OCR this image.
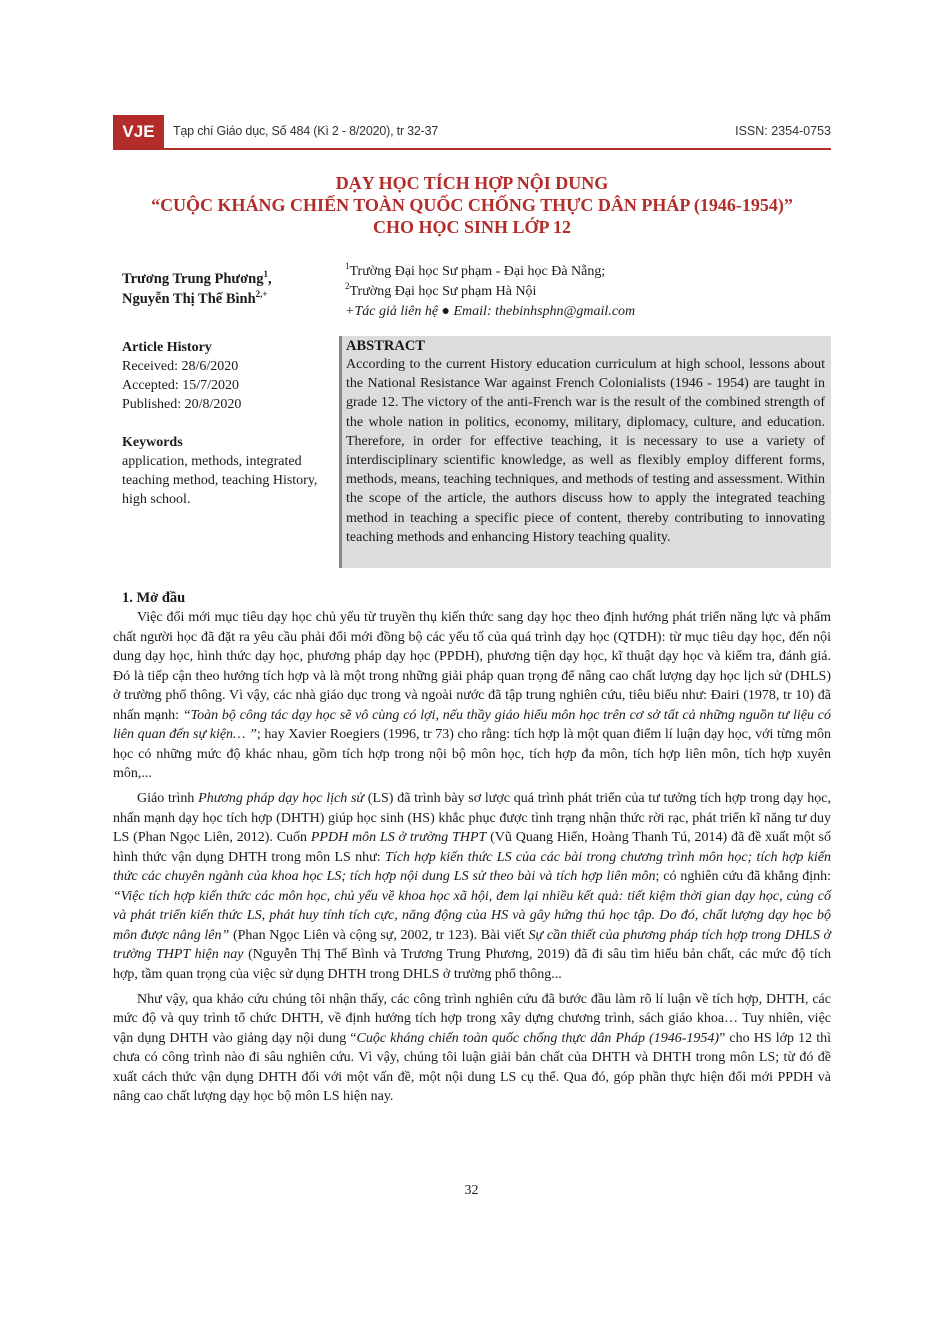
VJE	Tạp chí Giáo dục, Số 484 (Kì 2 - 8/2020), tr 32-37	ISSN: 2354-0753
DẠY HỌC TÍCH HỢP NỘI DUNG
“CUỘC KHÁNG CHIẾN TOÀN QUỐC CHỐNG THỰC DÂN PHÁP (1946-1954)”
CHO HỌC SINH LỚP 12
Trương Trung Phương$^1$,
Nguyễn Thị Thế Bình$^{2,+}$
$^1$Trường Đại học Sư phạm - Đại học Đà Nẵng;
$^2$Trường Đại học Sư phạm Hà Nội
+Tác giả liên hệ ● Email: thebinhsphn@gmail.com
Article History
Received: 28/6/2020
Accepted: 15/7/2020
Published: 20/8/2020
Keywords
application, methods, integrated teaching method, teaching History, high school.
ABSTRACT
According to the current History education curriculum at high school, lessons about the National Resistance War against French Colonialists (1946 - 1954) are taught in grade 12. The victory of the anti-French war is the result of the combined strength of the whole nation in politics, economy, military, diplomacy, culture, and education. Therefore, in order for effective teaching, it is necessary to use a variety of interdisciplinary scientific knowledge, as well as flexibly employ different forms, methods, means, teaching techniques, and methods of testing and assessment. Within the scope of the article, the authors discuss how to apply the integrated teaching method in teaching a specific piece of content, thereby contributing to innovating teaching methods and enhancing History teaching quality.
1. Mở đầu

Việc đổi mới mục tiêu dạy học chủ yếu từ truyền thụ kiến thức sang dạy học theo định hướng phát triển năng lực và phẩm chất người học đã đặt ra yêu cầu phải đổi mới đồng bộ các yếu tố của quá trình dạy học (QTDH): từ mục tiêu dạy học, đến nội dung dạy học, hình thức dạy học, phương pháp dạy học (PPDH), phương tiện dạy học, kĩ thuật dạy học và kiểm tra, đánh giá. Đó là tiếp cận theo hướng tích hợp và là một trong những giải pháp quan trọng để nâng cao chất lượng dạy học lịch sử (DHLS) ở trường phổ thông. Vì vậy, các nhà giáo dục trong và ngoài nước đã tập trung nghiên cứu, tiêu biểu như: Đairi (1978, tr 10) đã nhấn mạnh: “Toàn bộ công tác dạy học sẽ vô cùng có lợi, nếu thầy giáo hiểu môn học trên cơ sở tất cả những nguồn tư liệu có liên quan đến sự kiện… ”; hay Xavier Roegiers (1996, tr 73) cho rằng: tích hợp là một quan điểm lí luận dạy học, với từng môn học có những mức độ khác nhau, gồm tích hợp trong nội bộ môn học, tích hợp đa môn, tích hợp liên môn, tích hợp xuyên môn,...

Giáo trình Phương pháp dạy học lịch sử (LS) đã trình bày sơ lược quá trình phát triển của tư tưởng tích hợp trong dạy học, nhấn mạnh dạy học tích hợp (DHTH) giúp học sinh (HS) khắc phục được tình trạng nhận thức rời rạc, phát triển kĩ năng tư duy LS (Phan Ngọc Liên, 2012). Cuốn PPDH môn LS ở trường THPT (Vũ Quang Hiển, Hoàng Thanh Tú, 2014) đã đề xuất một số hình thức vận dụng DHTH trong môn LS như: Tích hợp kiến thức LS của các bài trong chương trình môn học; tích hợp kiến thức các chuyên ngành của khoa học LS; tích hợp nội dung LS sử theo bài và tích hợp liên môn; có nghiên cứu đã khẳng định: “Việc tích hợp kiến thức các môn học, chủ yếu về khoa học xã hội, đem lại nhiều kết quả: tiết kiệm thời gian dạy học, củng cố và phát triển kiến thức LS, phát huy tính tích cực, năng động của HS và gây hứng thú học tập. Do đó, chất lượng dạy học bộ môn được nâng lên” (Phan Ngọc Liên và cộng sự, 2002, tr 123). Bài viết Sự cần thiết của phương pháp tích hợp trong DHLS ở trường THPT hiện nay (Nguyễn Thị Thế Bình và Trương Trung Phương, 2019) đã đi sâu tìm hiểu bản chất, các mức độ tích hợp, tầm quan trọng của việc sử dụng DHTH trong DHLS ở trường phổ thông...

Như vậy, qua khảo cứu chúng tôi nhận thấy, các công trình nghiên cứu đã bước đầu làm rõ lí luận về tích hợp, DHTH, các mức độ và quy trình tổ chức DHTH, về định hướng tích hợp trong xây dựng chương trình, sách giáo khoa… Tuy nhiên, việc vận dụng DHTH vào giảng dạy nội dung “Cuộc kháng chiến toàn quốc chống thực dân Pháp (1946-1954)” cho HS lớp 12 thì chưa có công trình nào đi sâu nghiên cứu. Vì vậy, chúng tôi luận giải bản chất của DHTH và DHTH trong môn LS; từ đó đề xuất cách thức vận dụng DHTH đối với một vấn đề, một nội dung LS cụ thể. Qua đó, góp phần thực hiện đổi mới PPDH và nâng cao chất lượng dạy học bộ môn LS hiện nay.

32
